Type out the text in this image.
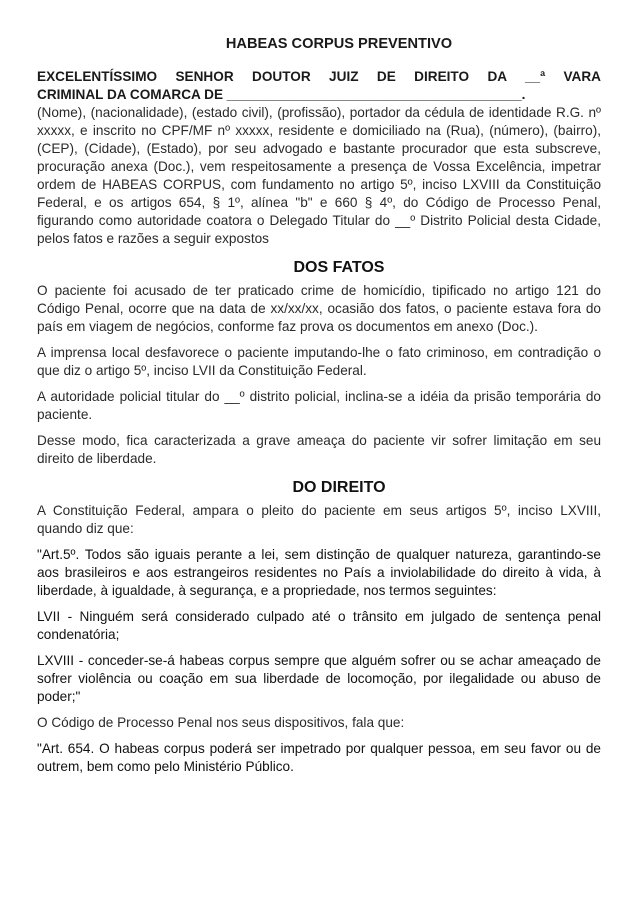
HABEAS CORPUS PREVENTIVO
EXCELENTÍSSIMO SENHOR DOUTOR JUIZ DE DIREITO DA __ª VARA
CRIMINAL DA COMARCA DE _______________________________________.

(Nome), (nacionalidade), (estado civil), (profissão), portador da cédula de identidade R.G. nº xxxxx, e inscrito no CPF/MF nº xxxxx, residente e domiciliado na (Rua), (número), (bairro), (CEP), (Cidade), (Estado), por seu advogado e bastante procurador que esta subscreve, procuração anexa (Doc.), vem respeitosamente a presença de Vossa Excelência, impetrar ordem de HABEAS CORPUS, com fundamento no artigo 5º, inciso LXVIII da Constituição Federal, e os artigos 654, § 1º, alínea "b" e 660 § 4º, do Código de Processo Penal, figurando como autoridade coatora o Delegado Titular do __º Distrito Policial desta Cidade, pelos fatos e razões a seguir expostos

DOS FATOS

O paciente foi acusado de ter praticado crime de homicídio, tipificado no artigo 121 do Código Penal, ocorre que na data de xx/xx/xx, ocasião dos fatos, o paciente estava fora do país em viagem de negócios, conforme faz prova os documentos em anexo (Doc.).

A imprensa local desfavorece o paciente imputando-lhe o fato criminoso, em contradição o que diz o artigo 5º, inciso LVII da Constituição Federal.

A autoridade policial titular do __º distrito policial, inclina-se a idéia da prisão temporária do paciente.

Desse modo, fica caracterizada a grave ameaça do paciente vir sofrer limitação em seu direito de liberdade.

DO DIREITO

A Constituição Federal, ampara o pleito do paciente em seus artigos 5º, inciso LXVIII, quando diz que:

"Art.5º. Todos são iguais perante a lei, sem distinção de qualquer natureza, garantindo-se aos brasileiros e aos estrangeiros residentes no País a inviolabilidade do direito à vida, à liberdade, à igualdade, à segurança, e a propriedade, nos termos seguintes:

LVII - Ninguém será considerado culpado até o trânsito em julgado de sentença penal condenatória;

LXVIII - conceder-se-á habeas corpus sempre que alguém sofrer ou se achar ameaçado de sofrer violência ou coação em sua liberdade de locomoção, por ilegalidade ou abuso de poder;"

O Código de Processo Penal nos seus dispositivos, fala que:

"Art. 654. O habeas corpus poderá ser impetrado por qualquer pessoa, em seu favor ou de outrem, bem como pelo Ministério Público.
